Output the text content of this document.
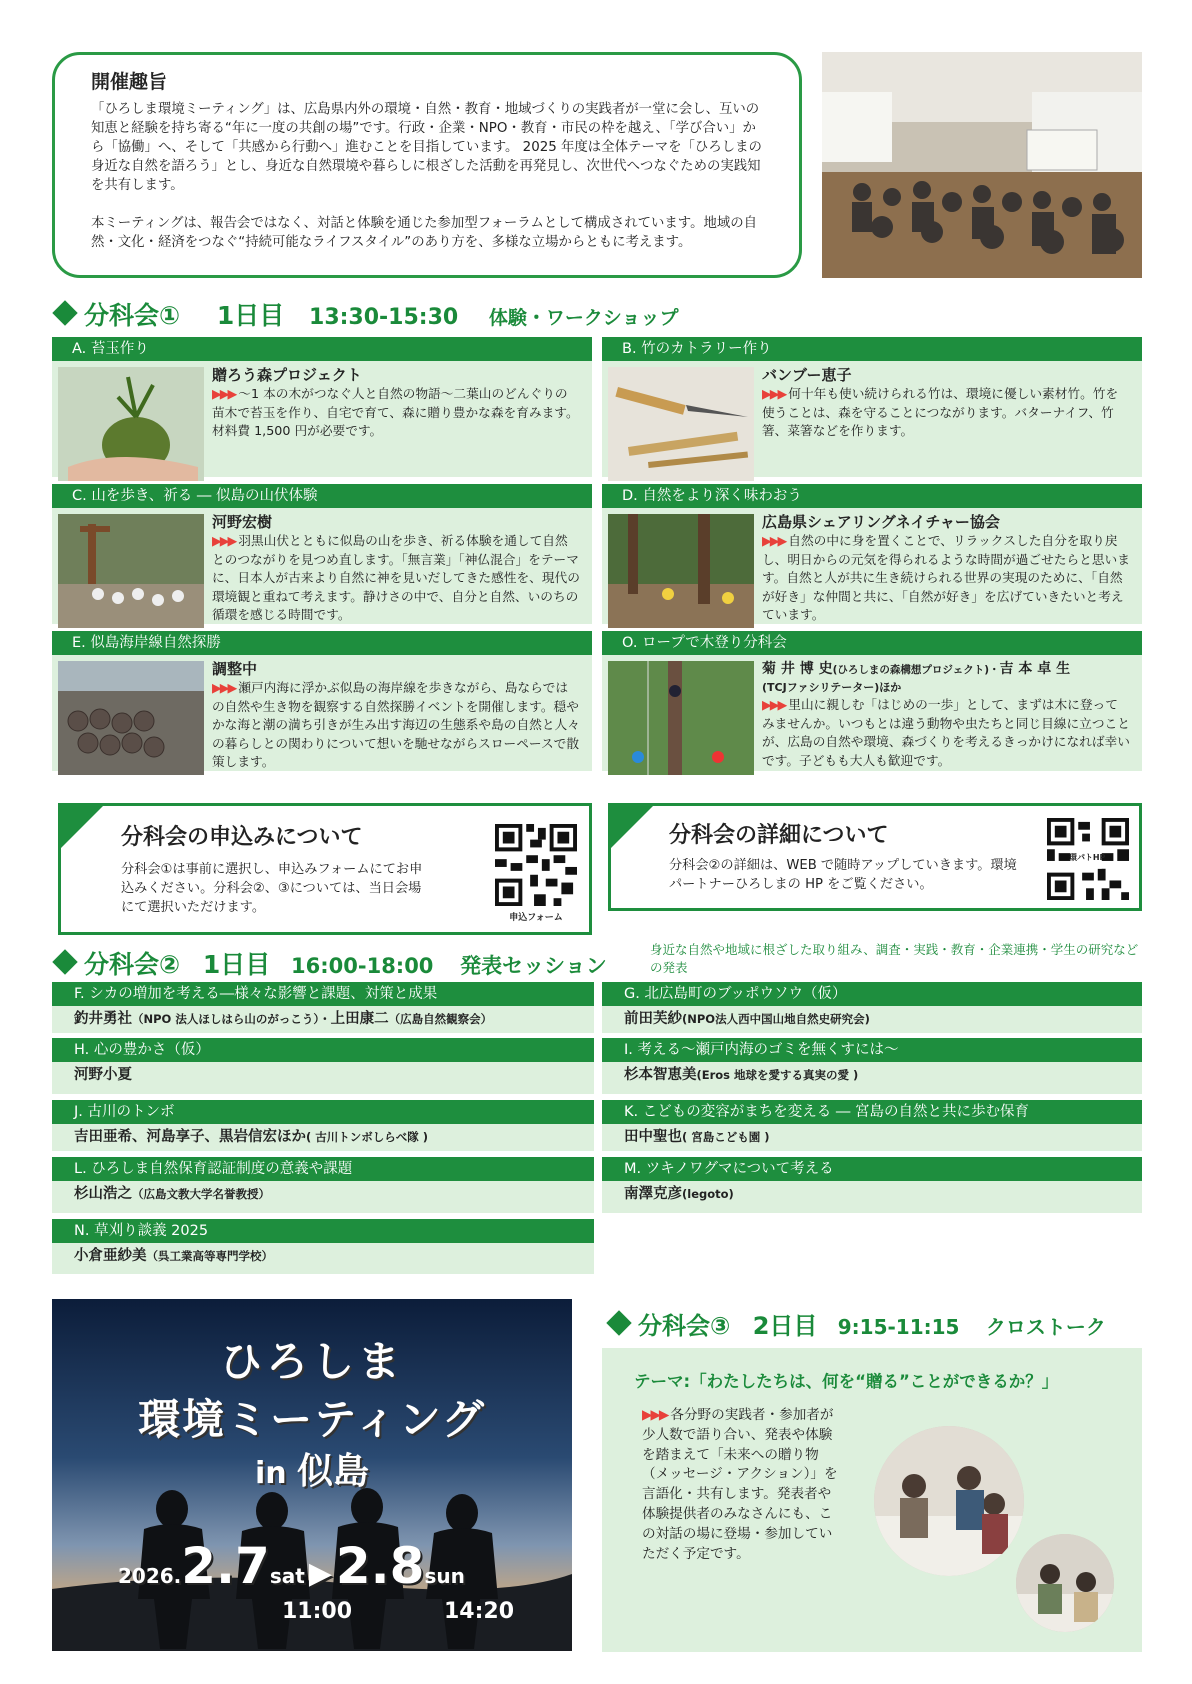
開催趣旨

「ひろしま環境ミーティング」は、広島県内外の環境・自然・教育・地域づくりの実践者が一堂に会し、互いの知恵と経験を持ち寄る“年に一度の共創の場”です。行政・企業・NPO・教育・市民の枠を越え、「学び合い」から「協働」へ、そして「共感から行動へ」進むことを目指しています。 2025 年度は全体テーマを「ひろしまの身近な自然を語ろう」とし、身近な自然環境や暮らしに根ざした活動を再発見し、次世代へつなぐための実践知を共有します。

本ミーティングは、報告会ではなく、対話と体験を通じた参加型フォーラムとして構成されています。地域の自然・文化・経済をつなぐ“持続可能なライフスタイル”のあり方を、多様な立場からともに考えます。

分科会① 1日目 13:30-15:30 体験・ワークショップ
A. 苔玉作り
贈ろう森プロジェクト
▶▶▶ ～1 本の木がつなぐ人と自然の物語～二葉山のどんぐりの苗木で苔玉を作り、自宅で育て、森に贈り豊かな森を育みます。材料費 1,500 円が必要です。
B. 竹のカトラリー作り
バンブー恵子
▶▶▶ 何十年も使い続けられる竹は、環境に優しい素材竹。竹を使うことは、森を守ることにつながります。バターナイフ、竹箸、菜箸などを作ります。
C. 山を歩き、祈る ― 似島の山伏体験
河野宏樹
▶▶▶ 羽黒山伏とともに似島の山を歩き、祈る体験を通して自然とのつながりを見つめ直します。「無言業」「神仏混合」をテーマに、日本人が古来より自然に神を見いだしてきた感性を、現代の環境観と重ねて考えます。静けさの中で、自分と自然、いのちの循環を感じる時間です。
D. 自然をより深く味わおう
広島県シェアリングネイチャー協会
▶▶▶ 自然の中に身を置くことで、リラックスした自分を取り戻し、明日からの元気を得られるような時間が過ごせたらと思います。自然と人が共に生き続けられる世界の実現のために、「自然が好き」な仲間と共に、「自然が好き」を広げていきたいと考えています。
E. 似島海岸線自然探勝
調整中
▶▶▶ 瀬戸内海に浮かぶ似島の海岸線を歩きながら、島ならではの自然や生き物を観察する自然探勝イベントを開催します。穏やかな海と潮の満ち引きが生み出す海辺の生態系や島の自然と人々の暮らしとの関わりについて想いを馳せながらスローペースで散策します。
O. ロープで木登り分科会
菊 井 博 史(ひろしまの森構想プロジェクト)・吉 本 卓 生
(TCJファシリテーター)ほか
▶▶▶ 里山に親しむ「はじめの一歩」として、まずは木に登ってみませんか。いつもとは違う動物や虫たちと同じ目線に立つことが、広島の自然や環境、森づくりを考えるきっかけになれば幸いです。子どもも大人も歓迎です。
分科会の申込みについて

分科会①は事前に選択し、申込みフォームにてお申込みください。分科会②、③については、当日会場にて選択いただけます。

申込フォーム
分科会の詳細について

分科会②の詳細は、WEB で随時アップしていきます。環境パートナーひろしまの HP をご覧ください。

環パトHP
分科会② 1日目 16:00-18:00 発表セッション
身近な自然や地域に根ざした取り組み、調査・実践・教育・企業連携・学生の研究などの発表
F. シカの増加を考える―様々な影響と課題、対策と成果
釣井勇社（NPO 法人ほしはら山のがっこう）・上田康二（広島自然観察会）
G. 北広島町のブッポウソウ（仮）
前田芙紗(NPO法人西中国山地自然史研究会)
H. 心の豊かさ（仮）
河野小夏
I. 考える～瀬戸内海のゴミを無くすには～
杉本智恵美(Eros 地球を愛する真実の愛 )
J. 古川のトンボ
吉田亜希、河島享子、黒岩信宏ほか( 古川トンボしらべ隊 )
K. こどもの変容がまちを変える ― 宮島の自然と共に歩む保育
田中聖也( 宮島こども園 )
L. ひろしま自然保育認証制度の意義や課題
杉山浩之（広島文教大学名誉教授）
M. ツキノワグマについて考える
南澤克彦(legoto)
N. 草刈り談義 2025
小倉亜紗美（呉工業高等専門学校）
ひろしま
環境ミーティング
in 似島
2026.2.7sat ▶2.8sun
11:00	14:20
分科会③ 2日目 9:15-11:15 クロストーク
テーマ:「わたしたちは、何を“贈る”ことができるか？」
▶▶▶ 各分野の実践者・参加者が少人数で語り合い、発表や体験を踏まえて「未来への贈り物（メッセージ・アクション）」を言語化・共有します。発表者や体験提供者のみなさんにも、この対話の場に登場・参加していただく予定です。
